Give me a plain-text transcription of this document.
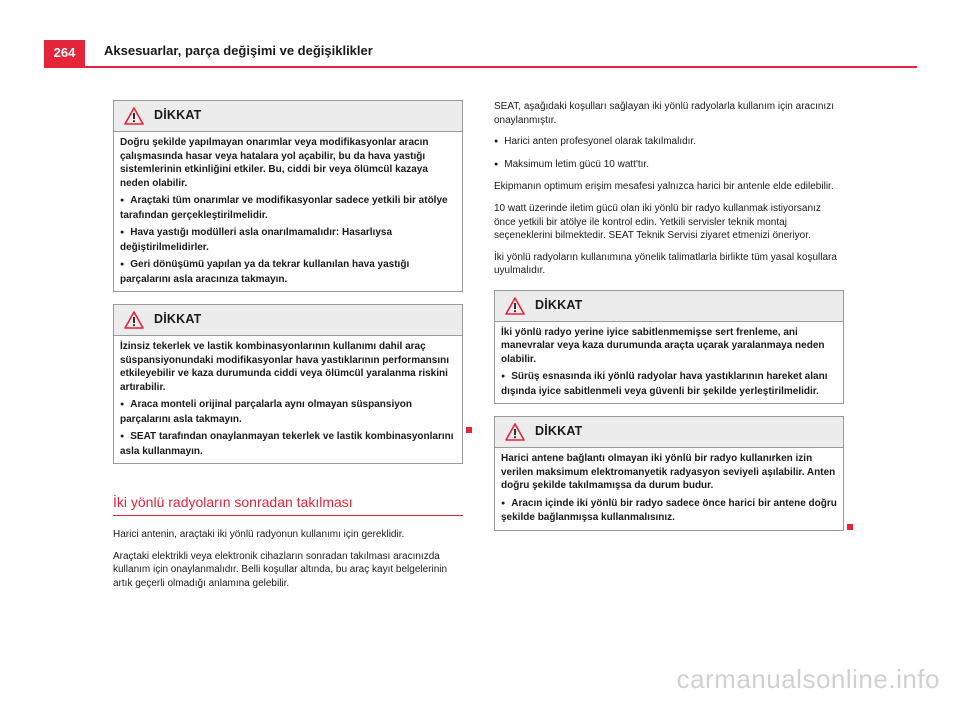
264	Aksesuarlar, parça değişimi ve değişiklikler
DİKKAT

Doğru şekilde yapılmayan onarımlar veya modifikasyonlar aracın çalışmasında hasar veya hatalara yol açabilir, bu da hava yastığı sistemlerinin etkinliğini etkiler. Bu, ciddi bir veya ölümcül kazaya neden olabilir.

● Araçtaki tüm onarımlar ve modifikasyonlar sadece yetkili bir atölye tarafından gerçekleştirilmelidir.

● Hava yastığı modülleri asla onarılmamalıdır: Hasarlıysa değiştirilmelidirler.

● Geri dönüşümü yapılan ya da tekrar kullanılan hava yastığı parçalarını asla aracınıza takmayın.

DİKKAT

İzinsiz tekerlek ve lastik kombinasyonlarının kullanımı dahil araç süspansiyonundaki modifikasyonlar hava yastıklarının performansını etkileyebilir ve kaza durumunda ciddi veya ölümcül yaralanma riskini artırabilir.

● Araca monteli orijinal parçalarla aynı olmayan süspansiyon parçalarını asla takmayın.

● SEAT tarafından onaylanmayan tekerlek ve lastik kombinasyonlarını asla kullanmayın.

İki yönlü radyoların sonradan takılması

Harici antenin, araçtaki iki yönlü radyonun kullanımı için gereklidir.

Araçtaki elektrikli veya elektronik cihazların sonradan takılması aracınızda kullanım için onaylanmalıdır. Belli koşullar altında, bu araç kayıt belgelerinin artık geçerli olmadığı anlamına gelebilir.

SEAT, aşağıdaki koşulları sağlayan iki yönlü radyolarla kullanım için aracınızı onaylanmıştır.

● Harici anten profesyonel olarak takılmalıdır.

● Maksimum letim gücü 10 watt'tır.

Ekipmanın optimum erişim mesafesi yalnızca harici bir antenle elde edilebilir.

10 watt üzerinde iletim gücü olan iki yönlü bir radyo kullanmak istiyorsanız önce yetkili bir atölye ile kontrol edin. Yetkili servisler teknik montaj seçeneklerini bilmektedir. SEAT Teknik Servisi ziyaret etmenizi öneriyor.

İki yönlü radyoların kullanımına yönelik talimatlarla birlikte tüm yasal koşullara uyulmalıdır.

DİKKAT

İki yönlü radyo yerine iyice sabitlenmemişse sert frenleme, ani manevralar veya kaza durumunda araçta uçarak yaralanmaya neden olabilir.

● Sürüş esnasında iki yönlü radyolar hava yastıklarının hareket alanı dışında iyice sabitlenmeli veya güvenli bir şekilde yerleştirilmelidir.

DİKKAT

Harici antene bağlantı olmayan iki yönlü bir radyo kullanırken izin verilen maksimum elektromanyetik radyasyon seviyeli aşılabilir. Anten doğru şekilde takılmamışsa da durum budur.

● Aracın içinde iki yönlü bir radyo sadece önce harici bir antene doğru şekilde bağlanmışsa kullanmalısınız.

carmanualsonline.info
